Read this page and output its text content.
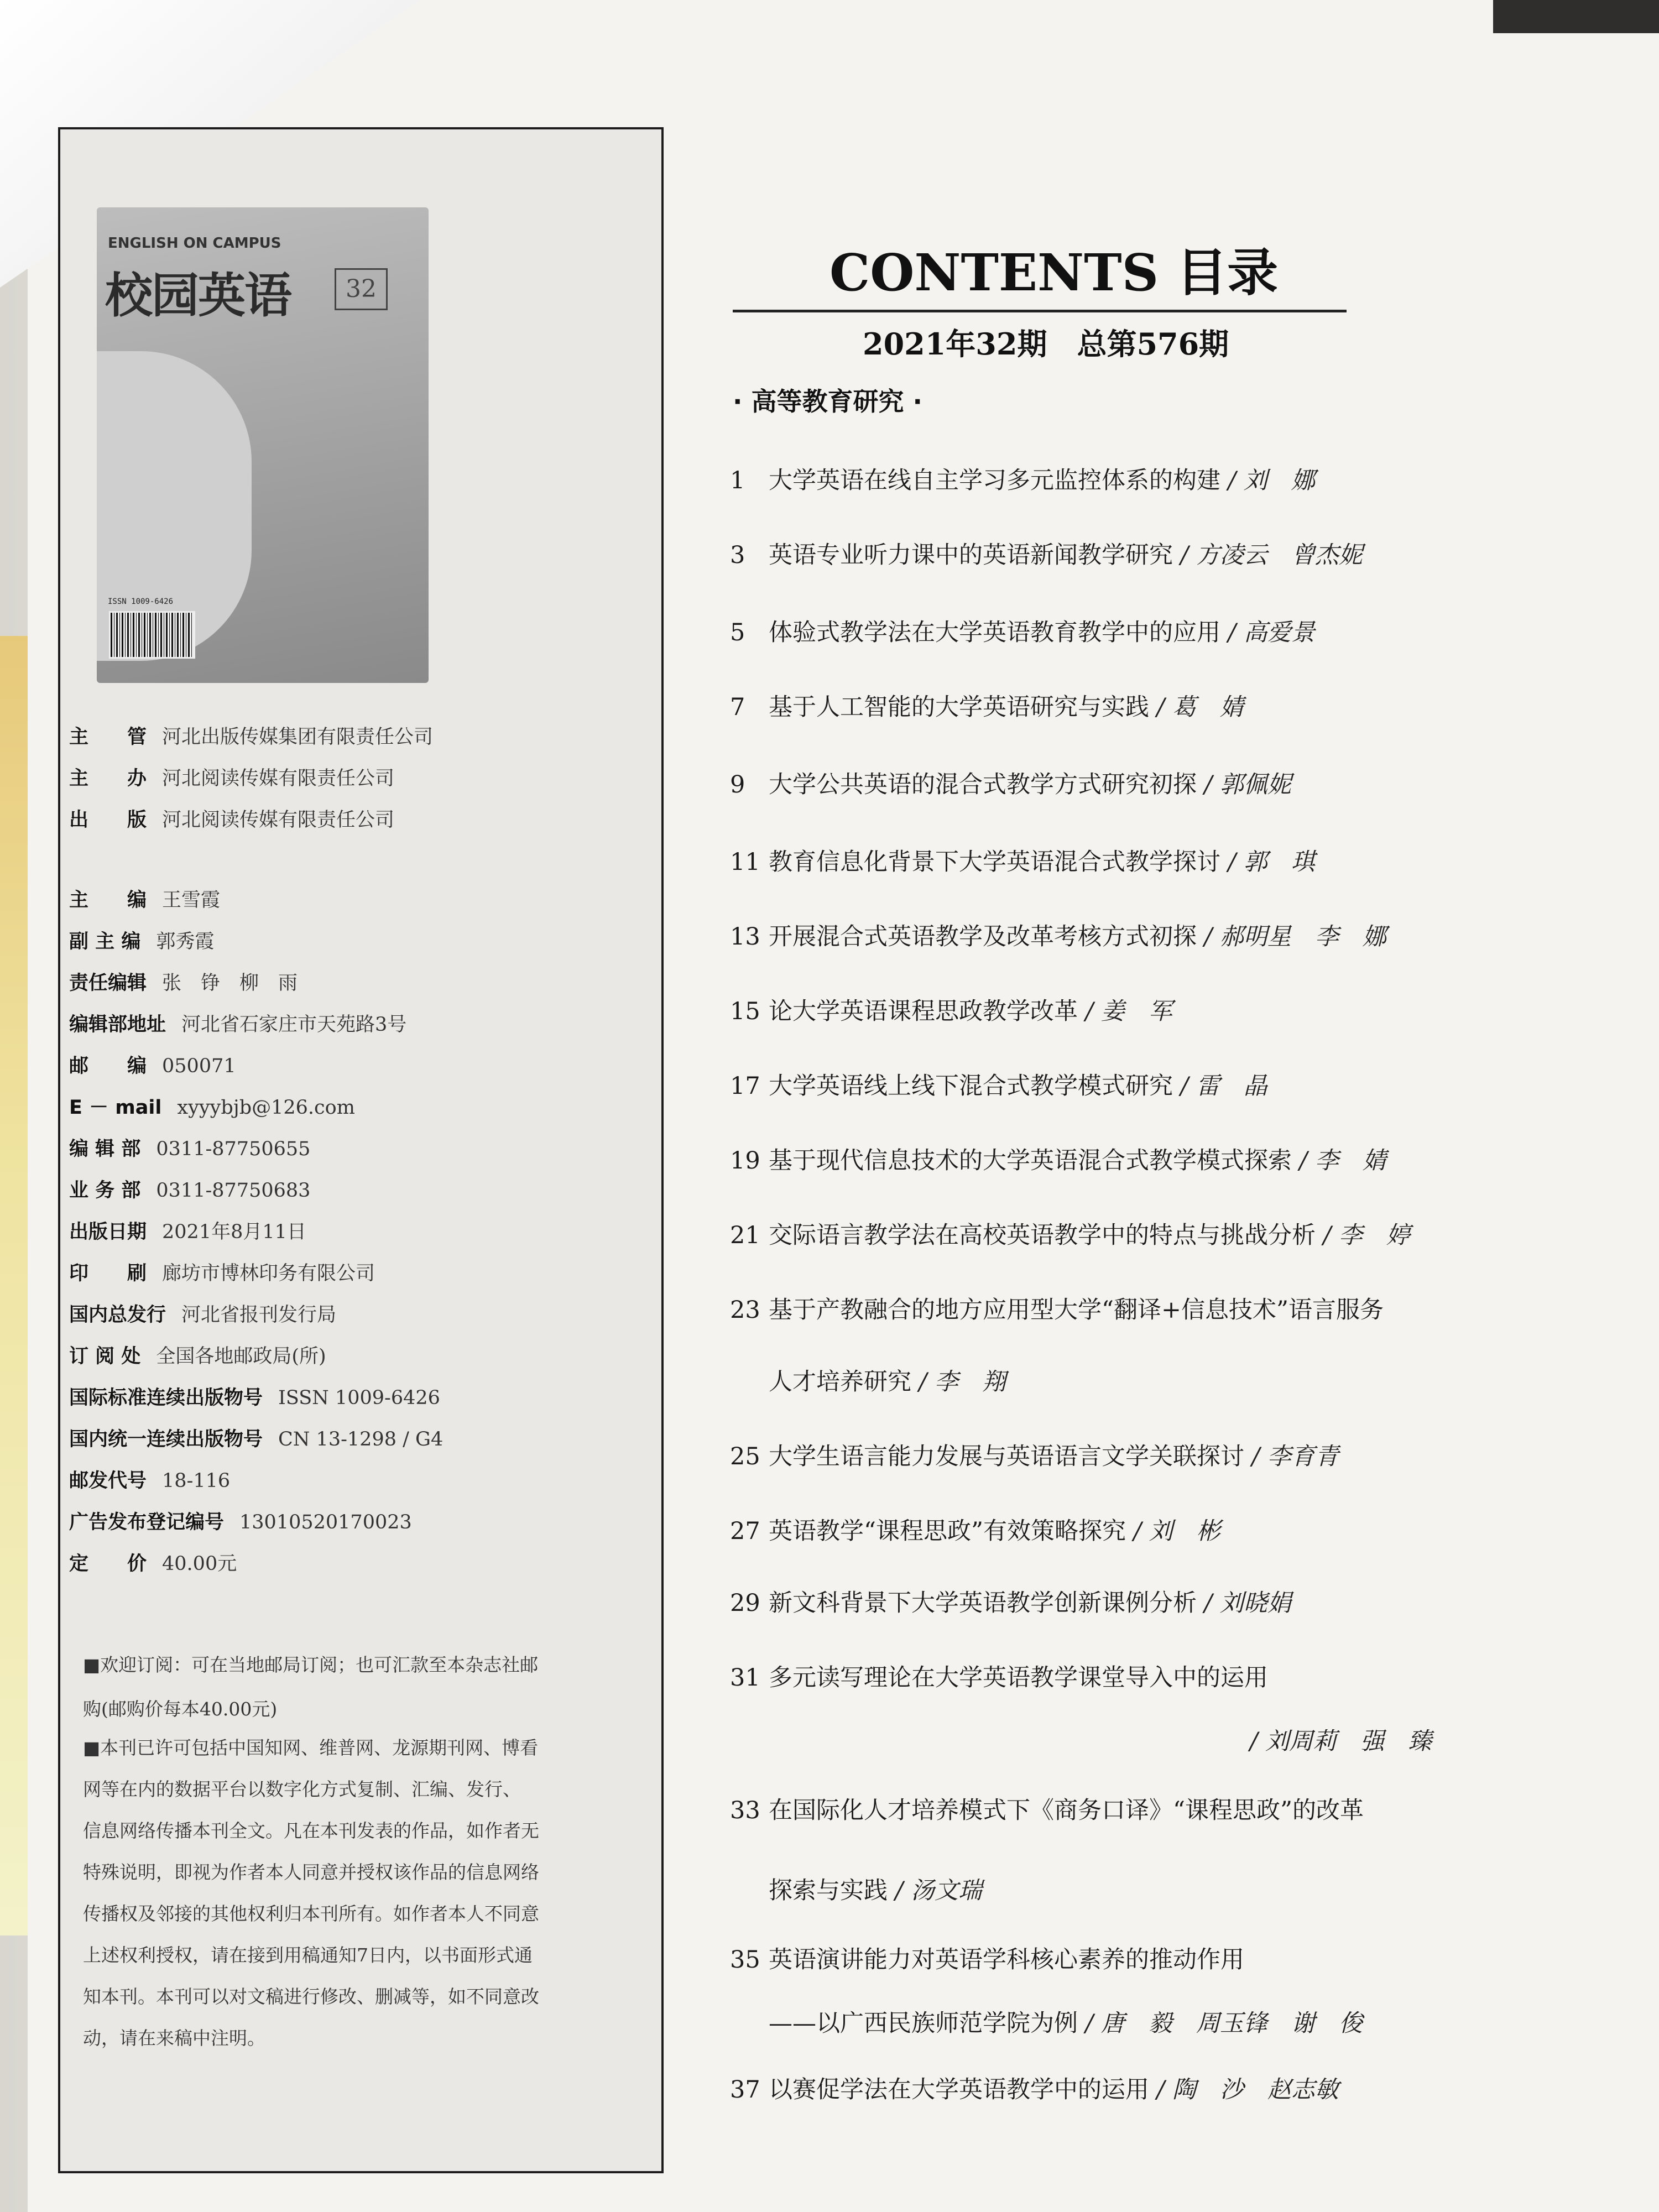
ENGLISH ON CAMPUS
校园英语	32
ISSN 1009-6426
主　　管 河北出版传媒集团有限责任公司
主　　办 河北阅读传媒有限责任公司
出　　版 河北阅读传媒有限责任公司
主　　编 王雪霞
副 主 编 郭秀霞
责任编辑 张　铮　柳　雨
编辑部地址 河北省石家庄市天苑路3号
邮　　编 050071
E － mail xyyybjb@126.com
编 辑 部 0311-87750655
业 务 部 0311-87750683
出版日期 2021年8月11日
印　　刷 廊坊市博林印务有限公司
国内总发行 河北省报刊发行局
订 阅 处 全国各地邮政局(所)
国际标准连续出版物号 ISSN 1009-6426
国内统一连续出版物号 CN 13-1298 / G4
邮发代号 18-116
广告发布登记编号 13010520170023
定　　价 40.00元
■欢迎订阅：可在当地邮局订阅；也可汇款至本杂志社邮
购(邮购价每本40.00元)
■本刊已许可包括中国知网、维普网、龙源期刊网、博看
网等在内的数据平台以数字化方式复制、汇编、发行、
信息网络传播本刊全文。凡在本刊发表的作品，如作者无
特殊说明，即视为作者本人同意并授权该作品的信息网络
传播权及邻接的其他权利归本刊所有。如作者本人不同意
上述权利授权，请在接到用稿通知7日内，以书面形式通
知本刊。本刊可以对文稿进行修改、删减等，如不同意改
动，请在来稿中注明。
CONTENTS 目录
2021年32期　总第576期
· 高等教育研究 ·
1 大学英语在线自主学习多元监控体系的构建 / 刘　娜
3 英语专业听力课中的英语新闻教学研究 / 方凌云　曾杰妮
5 体验式教学法在大学英语教育教学中的应用 / 高爱景
7 基于人工智能的大学英语研究与实践 / 葛　婧
9 大学公共英语的混合式教学方式研究初探 / 郭佩妮
11 教育信息化背景下大学英语混合式教学探讨 / 郭　琪
13 开展混合式英语教学及改革考核方式初探 / 郝明星　李　娜
15 论大学英语课程思政教学改革 / 姜　军
17 大学英语线上线下混合式教学模式研究 / 雷　晶
19 基于现代信息技术的大学英语混合式教学模式探索 / 李　婧
21 交际语言教学法在高校英语教学中的特点与挑战分析 / 李　婷
23 基于产教融合的地方应用型大学“翻译+信息技术”语言服务
人才培养研究 / 李　翔
25 大学生语言能力发展与英语语言文学关联探讨 / 李育青
27 英语教学“课程思政”有效策略探究 / 刘　彬
29 新文科背景下大学英语教学创新课例分析 / 刘晓娟
31 多元读写理论在大学英语教学课堂导入中的运用
/ 刘周莉　强　臻
33 在国际化人才培养模式下《商务口译》“课程思政”的改革
探索与实践 / 汤文瑞
35 英语演讲能力对英语学科核心素养的推动作用
——以广西民族师范学院为例 / 唐　毅　周玉锋　谢　俊
37 以赛促学法在大学英语教学中的运用 / 陶　沙　赵志敏
